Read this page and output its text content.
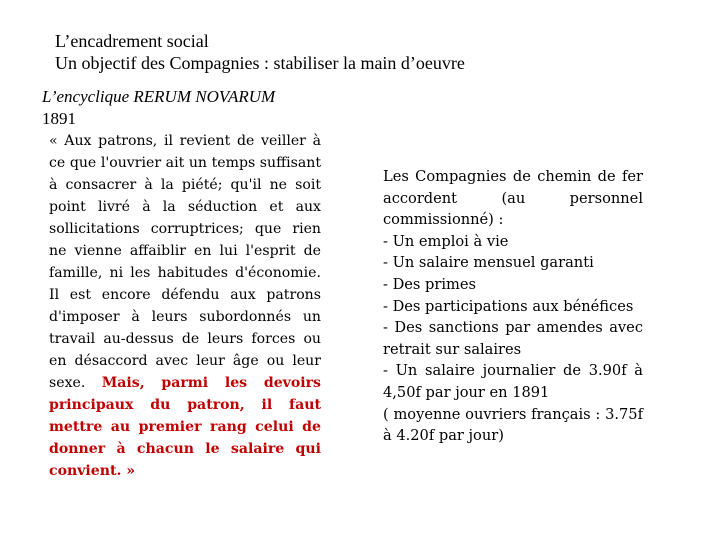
L’encadrement social
Un objectif des Compagnies : stabiliser la main d’oeuvre
L’encyclique RERUM NOVARUM
1891
« Aux patrons, il revient de veiller à ce que l'ouvrier ait un temps suffisant à consacrer à la piété; qu'il ne soit point livré à la séduction et aux sollicitations corruptrices; que rien ne vienne affaiblir en lui l'esprit de famille, ni les habitudes d'économie. Il est encore défendu aux patrons d'imposer à leurs subordonnés un travail au-dessus de leurs forces ou en désaccord avec leur âge ou leur sexe. Mais, parmi les devoirs principaux du patron, il faut mettre au premier rang celui de donner à chacun le salaire qui convient. »
Les Compagnies de chemin de fer accordent (au personnel commissionné) :
- Un emploi à vie
- Un salaire mensuel garanti
- Des primes
- Des participations aux bénéfices
- Des sanctions par amendes avec retrait sur salaires
- Un salaire journalier de 3.90f à 4,50f par jour en 1891
( moyenne ouvriers français : 3.75f à 4.20f par jour)
